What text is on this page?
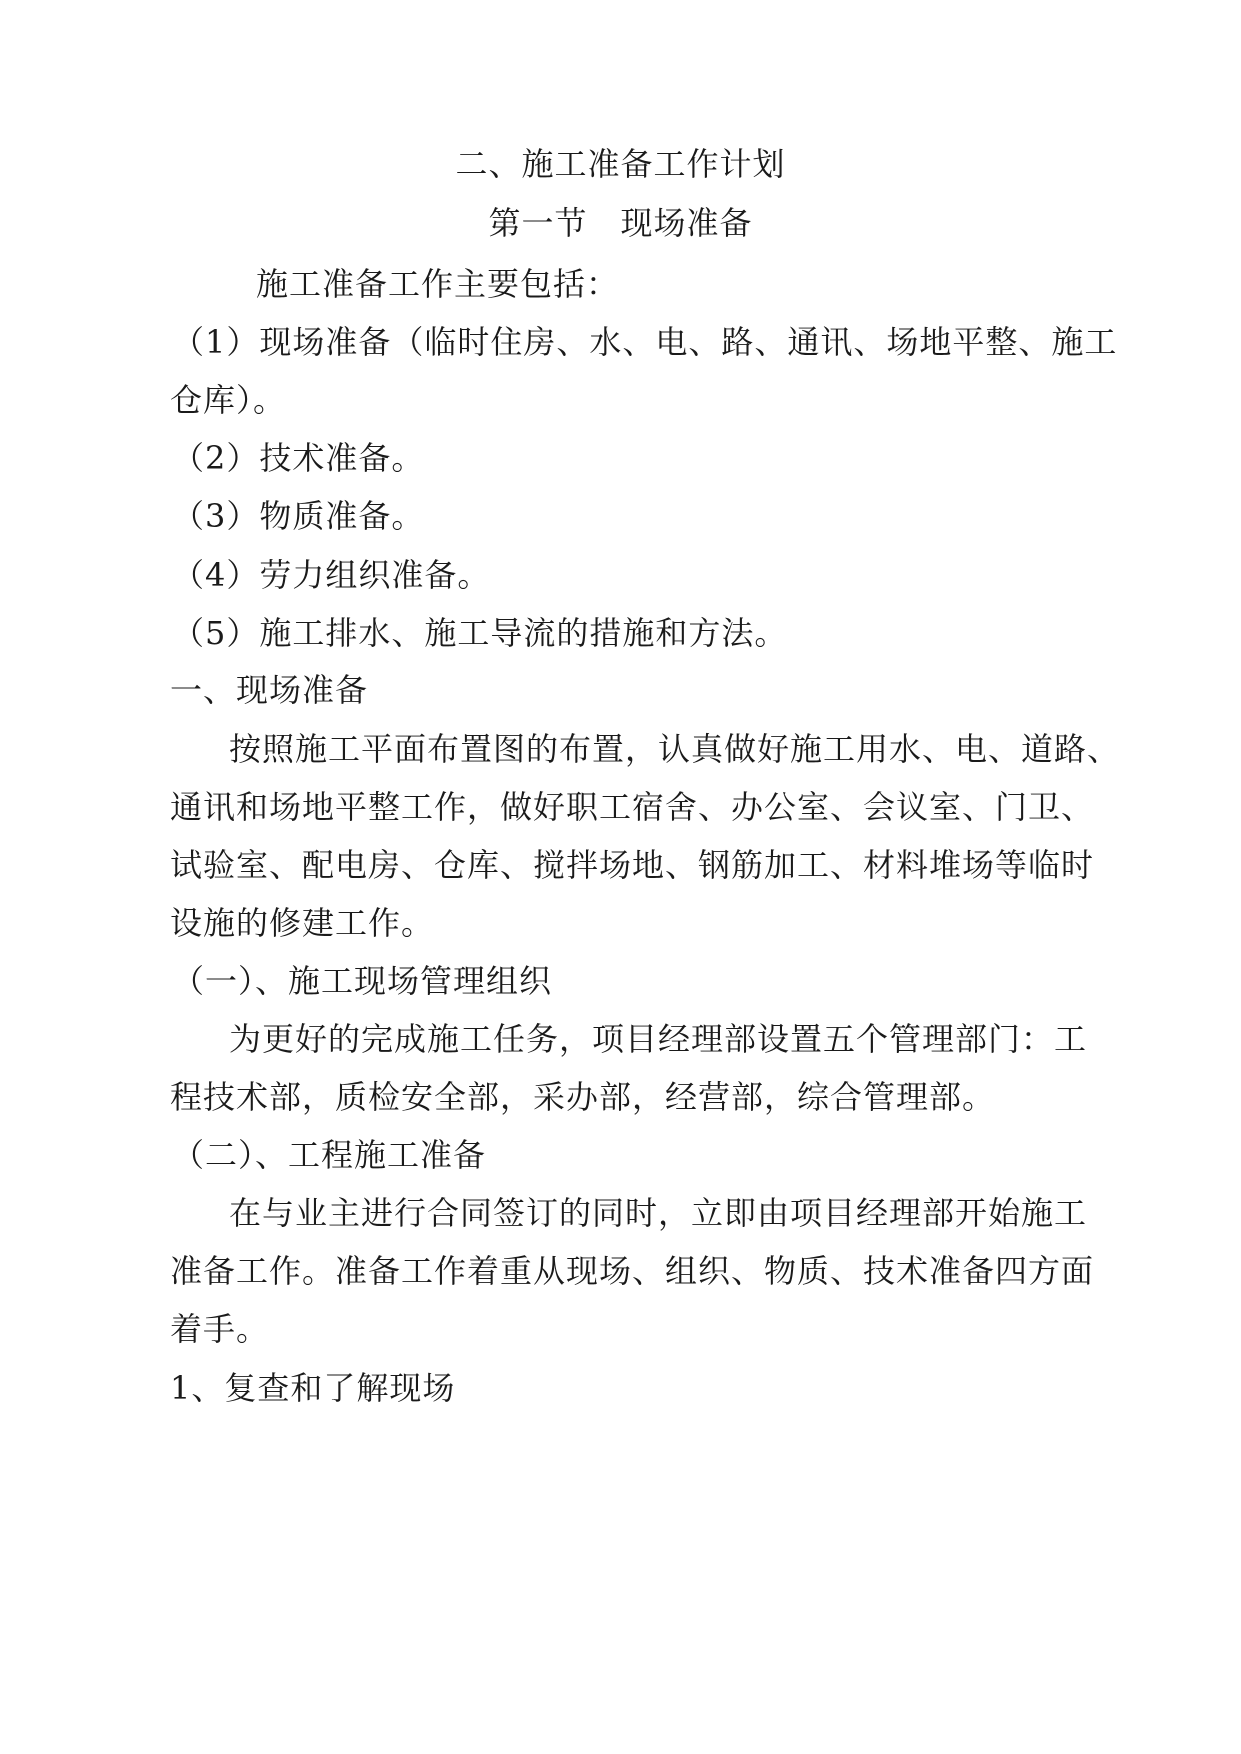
二、施工准备工作计划
第一节　现场准备
施工准备工作主要包括：
（1）现场准备（临时住房、水、电、路、通讯、场地平整、施工
仓库）。
（2）技术准备。
（3）物质准备。
（4）劳力组织准备。
（5）施工排水、施工导流的措施和方法。
一、现场准备
按照施工平面布置图的布置，认真做好施工用水、电、道路、
通讯和场地平整工作，做好职工宿舍、办公室、会议室、门卫、
试验室、配电房、仓库、搅拌场地、钢筋加工、材料堆场等临时
设施的修建工作。
（一）、施工现场管理组织
为更好的完成施工任务，项目经理部设置五个管理部门：工
程技术部，质检安全部，采办部，经营部，综合管理部。
（二）、工程施工准备
在与业主进行合同签订的同时，立即由项目经理部开始施工
准备工作。准备工作着重从现场、组织、物质、技术准备四方面
着手。
1、复查和了解现场
